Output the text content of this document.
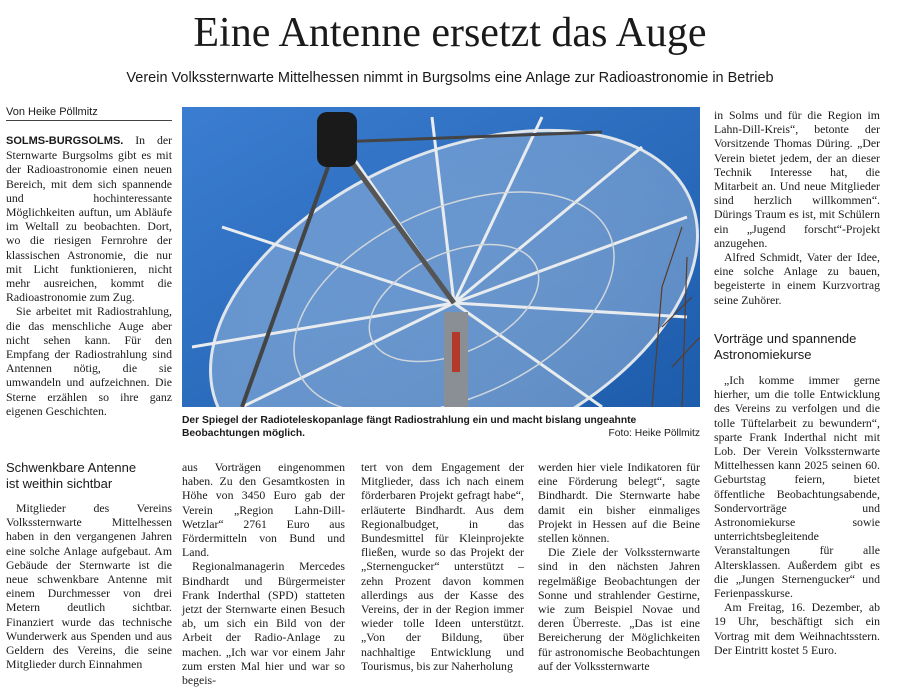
Eine Antenne ersetzt das Auge

Verein Volkssternwarte Mittelhessen nimmt in Burgsolms eine Anlage zur Radioastronomie in Betrieb

Von Heike Pöllmitz

SOLMS-BURGSOLMS. In der Sternwarte Burgsolms gibt es mit der Radioastronomie einen neuen Bereich, mit dem sich spannende und hochinteressante Möglichkeiten auftun, um Abläufe im Weltall zu beobachten. Dort, wo die riesigen Fernrohre der klassischen Astronomie, die nur mit Licht funktionieren, nicht mehr ausreichen, kommt die Radioastronomie zum Zug.

Sie arbeitet mit Radiostrahlung, die das menschliche Auge aber nicht sehen kann. Für den Empfang der Radiostrahlung sind Antennen nötig, die sie umwandeln und aufzeichnen. Die Sterne erzählen so ihre ganz eigenen Geschichten.

Schwenkbare Antenne ist weithin sichtbar

Mitglieder des Vereins Volkssternwarte Mittelhessen haben in den vergangenen Jahren eine solche Anlage aufgebaut. Am Gebäude der Sternwarte ist die neue schwenkbare Antenne mit einem Durchmesser von drei Metern deutlich sichtbar. Finanziert wurde das technische Wunderwerk aus Spenden und aus Geldern des Vereins, die seine Mitglieder durch Einnahmen

Der Spiegel der Radioteleskopanlage fängt Radiostrahlung ein und macht bislang ungeahnte Beobachtungen möglich.	Foto: Heike Pöllmitz

aus Vorträgen eingenommen haben. Zu den Gesamtkosten in Höhe von 3450 Euro gab der Verein „Region Lahn-Dill-Wetzlar“ 2761 Euro aus Fördermitteln von Bund und Land.

Regionalmanagerin Mercedes Bindhardt und Bürgermeister Frank Inderthal (SPD) statteten jetzt der Sternwarte einen Besuch ab, um sich ein Bild von der Arbeit der Radio-Anlage zu machen. „Ich war vor einem Jahr zum ersten Mal hier und war so begeis-

tert von dem Engagement der Mitglieder, dass ich nach einem förderbaren Projekt gefragt habe“, erläuterte Bindhardt. Aus dem Regionalbudget, in das Bundesmittel für Kleinprojekte fließen, wurde so das Projekt der „Sternengucker“ unterstützt – zehn Prozent davon kommen allerdings aus der Kasse des Vereins, der in der Region immer wieder tolle Ideen unterstützt. „Von der Bildung, über nachhaltige Entwicklung und Tourismus, bis zur Naherholung

werden hier viele Indikatoren für eine Förderung belegt“, sagte Bindhardt. Die Sternwarte habe damit ein bisher einmaliges Projekt in Hessen auf die Beine stellen können.

Die Ziele der Volkssternwarte sind in den nächsten Jahren regelmäßige Beobachtungen der Sonne und strahlender Gestirne, wie zum Beispiel Novae und deren Überreste. „Das ist eine Bereicherung der Möglichkeiten für astronomische Beobachtungen auf der Volkssternwarte

in Solms und für die Region im Lahn-Dill-Kreis“, betonte der Vorsitzende Thomas Düring. „Der Verein bietet jedem, der an dieser Technik Interesse hat, die Mitarbeit an. Und neue Mitglieder sind herzlich willkommen“. Dürings Traum es ist, mit Schülern ein „Jugend forscht“-Projekt anzugehen.

Alfred Schmidt, Vater der Idee, eine solche Anlage zu bauen, begeisterte in einem Kurzvortrag seine Zuhörer.

Vorträge und spannende Astronomiekurse

„Ich komme immer gerne hierher, um die tolle Entwicklung des Vereins zu verfolgen und die tolle Tüftelarbeit zu bewundern“, sparte Frank Inderthal nicht mit Lob. Der Verein Volkssternwarte Mittelhessen kann 2025 seinen 60. Geburtstag feiern, bietet öffentliche Beobachtungsabende, Sondervorträge und Astronomiekurse sowie unterrichtsbegleitende Veranstaltungen für alle Altersklassen. Außerdem gibt es die „Jungen Sternengucker“ und Ferienpasskurse.

Am Freitag, 16. Dezember, ab 19 Uhr, beschäftigt sich ein Vortrag mit dem Weihnachtsstern. Der Eintritt kostet 5 Euro.
